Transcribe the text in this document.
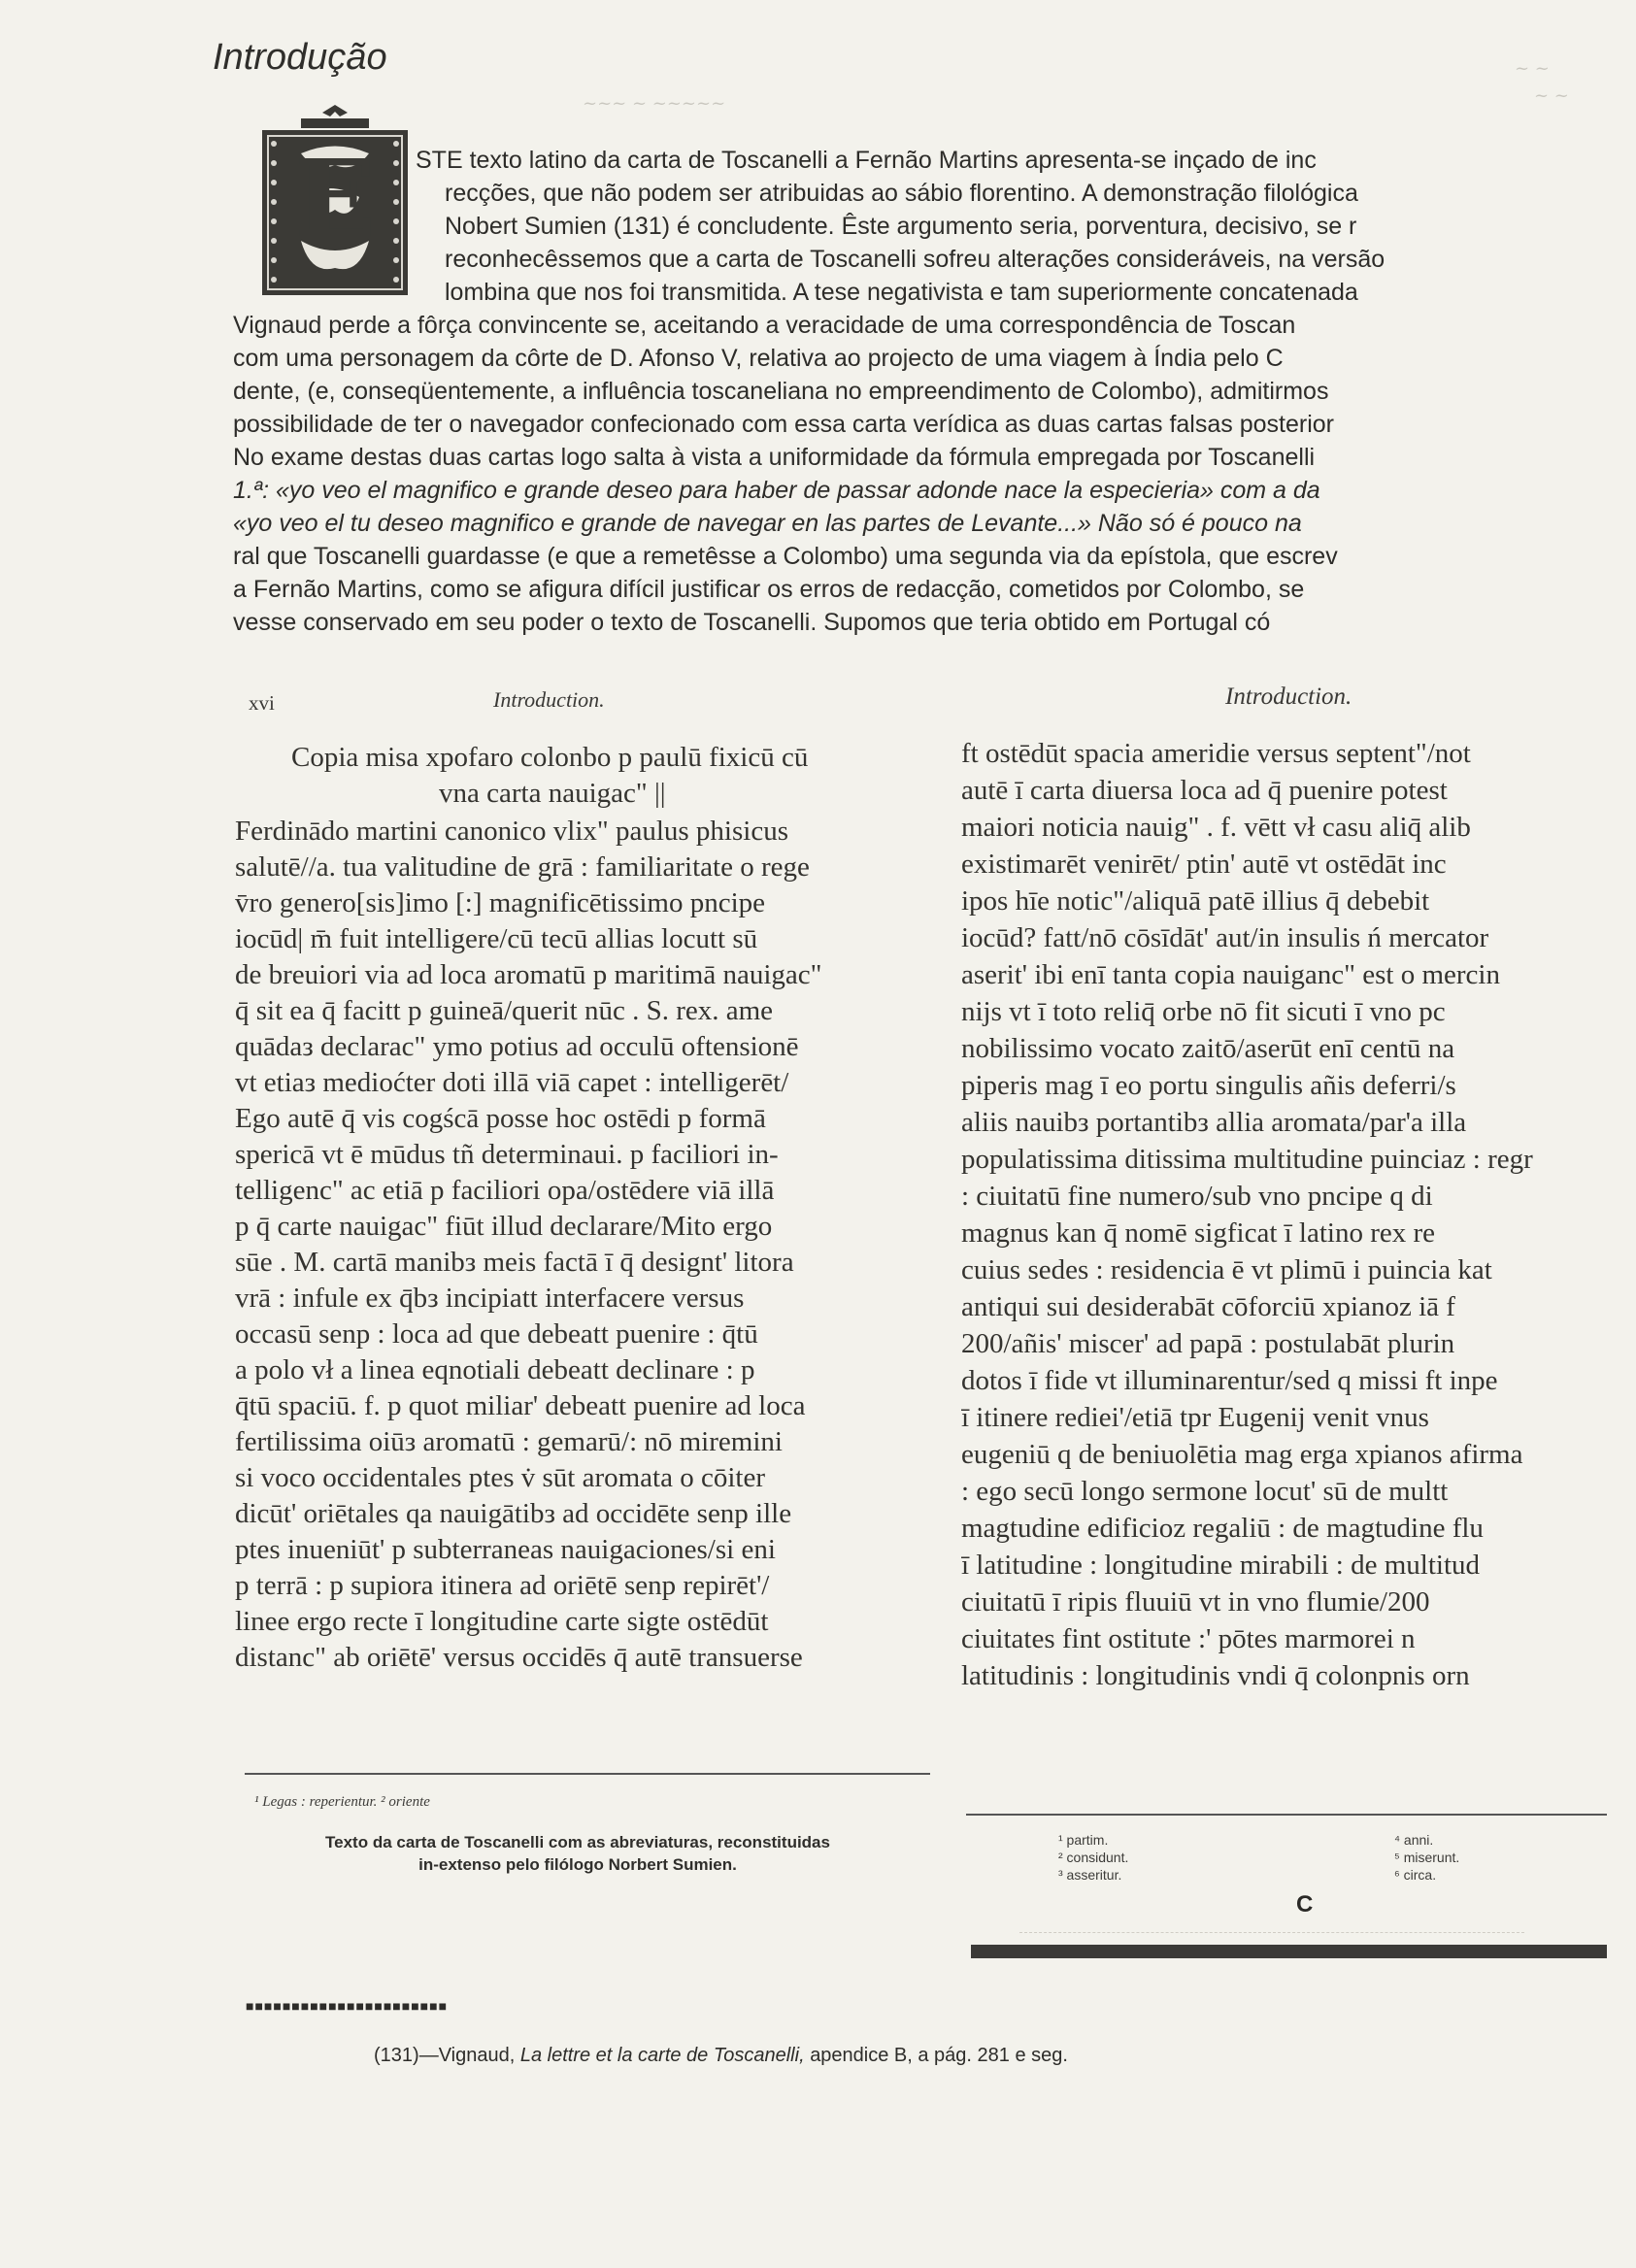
Introdução
~~~ ~ ~~~~~
~ ~
~ ~
E STE texto latino da carta de Toscanelli a Fernão Martins apresenta-se inçado de inc
recções, que não podem ser atribuidas ao sábio florentino. A demonstração filológica
Nobert Sumien (131) é concludente. Êste argumento seria, porventura, decisivo, se r
reconhecêssemos que a carta de Toscanelli sofreu alterações consideráveis, na versão
lombina que nos foi transmitida. A tese negativista e tam superiormente concatenada
Vignaud perde a fôrça convincente se, aceitando a veracidade de uma correspondência de Toscan
com uma personagem da côrte de D. Afonso V, relativa ao projecto de uma viagem à Índia pelo C
dente, (e, conseqüentemente, a influência toscaneliana no empreendimento de Colombo), admitirmos
possibilidade de ter o navegador confecionado com essa carta verídica as duas cartas falsas posterior
No exame destas duas cartas logo salta à vista a uniformidade da fórmula empregada por Toscanelli
1.ª: «yo veo el magnifico e grande deseo para haber de passar adonde nace la especieria» com a da
«yo veo el tu deseo magnifico e grande de navegar en las partes de Levante...» Não só é pouco na
ral que Toscanelli guardasse (e que a remetêsse a Colombo) uma segunda via da epístola, que escrev
a Fernão Martins, como se afigura difícil justificar os erros de redacção, cometidos por Colombo, se
vesse conservado em seu poder o texto de Toscanelli. Supomos que teria obtido em Portugal có
xvi	Introduction.	Introduction.
Copia misa xpofaro colonbo p paulū fixicū cū
vna carta nauigac" ||
Ferdinādo martini canonico vlix" paulus phisicus
salutē//a. tua valitudine de grā : familiaritate o rege
v̄ro genero[sis]imo [:] magnificētissimo pncipe
iocūd| m̄ fuit intelligere/cū tecū allias locutt sū
de breuiori via ad loca aromatū p maritimā nauigac"
q̄ sit ea q̄ facitt p guineā/querit nūc . S. rex. ame
quādaз declarac" ymo potius ad occulū oftensionē
vt etiaз medioćter doti illā viā capet : intelligerēt/
Ego autē q̄ vis cogścā posse hoc ostēdi p formā
spericā vt ē mūdus tñ determinaui. p faciliori in-
telligenc" ac etiā p faciliori opa/ostēdere viā illā
p q̄ carte nauigac" fiūt illud declarare/Mito ergo
sūe . M. cartā manibз meis factā ī q̄ designt' litora
vrā : infule ex q̄bз incipiatt interfacere versus
occasū senp : loca ad que debeatt puenire : q̄tū
a polo vł a linea eqnotiali debeatt declinare : p
q̄tū spaciū. f. p quot miliar' debeatt puenire ad loca
fertilissima oiūз aromatū : gemarū/: nō miremini
si voco occidentales ptes v̇ sūt aromata o cōiter
dicūt' oriētales qa nauigātibз ad occidēte senp ille
ptes inueniūt' p subterraneas nauigaciones/si eni
p terrā : p supiora itinera ad oriētē senp repirēt'/
linee ergo recte ī longitudine carte sigte ostēdūt
distanc" ab oriētē' versus occidēs q̄ autē transuerse
¹ Legas : reperientur. ² oriente
Texto da carta de Toscanelli com as abreviaturas, reconstituidas
in-extenso pelo filólogo Norbert Sumien.
ft ostēdūt spacia ameridie versus septent"/not
autē ī carta diuersa loca ad q̄ puenire potest
maiori noticia nauig" . f. vētt vł casu aliq̄ alib
existimarēt venirēt/ ptin' autē vt ostēdāt inc
ipos hīe notic"/aliquā patē illius q̄ debebit
iocūd? fatt/nō cōsīdāt' aut/in insulis ń mercator
aserit' ibi enī tanta copia nauiganc" est o mercin
nijs vt ī toto reliq̄ orbe nō fit sicuti ī vno pc
nobilissimo vocato zaitō/aserūt enī centū na
piperis mag ī eo portu singulis añis deferri/s
aliis nauibз portantibз allia aromata/par'a illa
populatissima ditissima multitudine puinciaz : regr
: ciuitatū fine numero/sub vno pncipe q di
magnus kan q̄ nomē sigficat ī latino rex re
cuius sedes : residencia ē vt plimū i puincia kat
antiqui sui desiderabāt cōforciū xpianoz iā f
200/añis' miscer' ad papā : postulabāt plurin
dotos ī fide vt illuminarentur/sed q missi ft inpe
ī itinere rediei'/etiā tpr Eugenij venit vnus
eugeniū q de beniuolētia mag erga xpianos afirma
: ego secū longo sermone locut' sū de multt
magtudine edificioz regaliū : de magtudine flu
ī latitudine : longitudine mirabili : de multitud
ciuitatū ī ripis fluuiū vt in vno flumie/200
ciuitates fint ostitute :' pōtes marmorei n
latitudinis : longitudinis vndi q̄ colonpnis orn
¹ partim.
² considunt.
³ asseritur.
⁴ anni.
⁵ miserunt.
⁶ circa.
C
■■■■■■■■■■■■■■■■■■■■■■
(131)—Vignaud, La lettre et la carte de Toscanelli, apendice B, a pág. 281 e seg.
